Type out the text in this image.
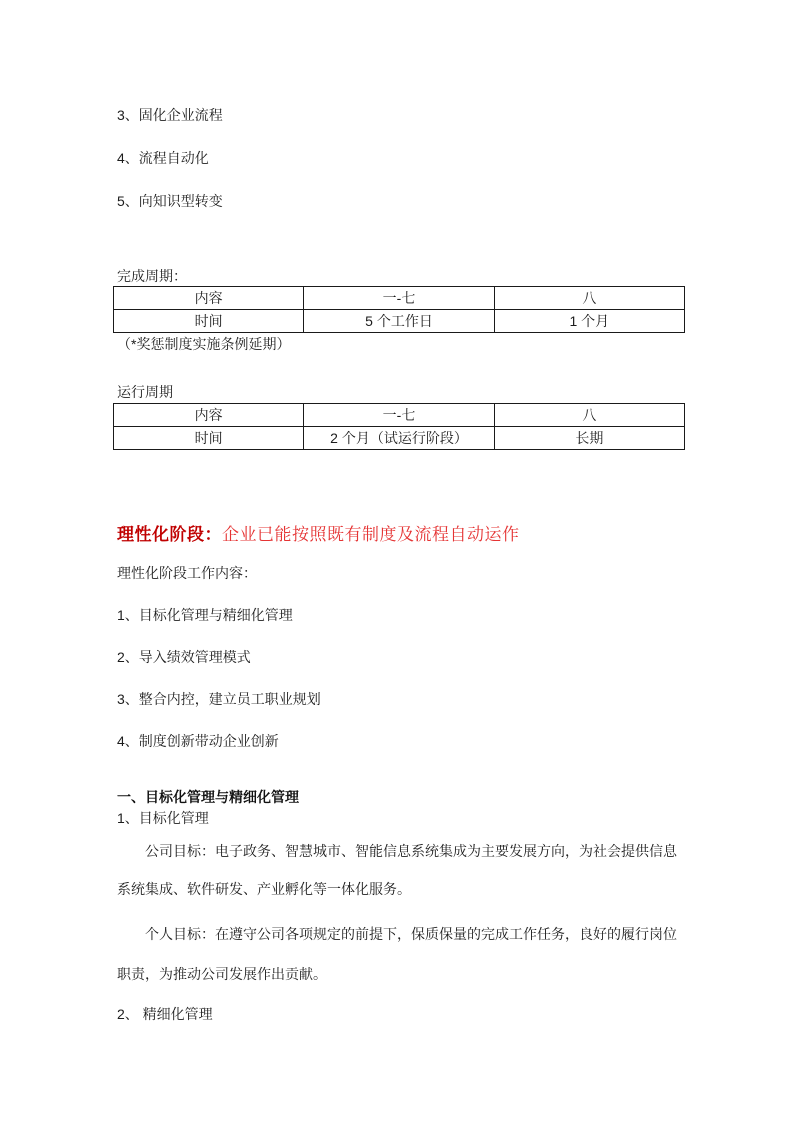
3、固化企业流程
4、流程自动化
5、向知识型转变
完成周期：
内容	一-七	八
时间	5 个工作日	1 个月
（*奖惩制度实施条例延期）
运行周期
内容	一-七	八
时间	2 个月（试运行阶段）	长期
理性化阶段：企业已能按照既有制度及流程自动运作
理性化阶段工作内容：
1、目标化管理与精细化管理
2、导入绩效管理模式
3、整合内控，建立员工职业规划
4、制度创新带动企业创新
一、目标化管理与精细化管理
1、目标化管理
公司目标：电子政务、智慧城市、智能信息系统集成为主要发展方向，为社会提供信息
系统集成、软件研发、产业孵化等一体化服务。
个人目标：在遵守公司各项规定的前提下，保质保量的完成工作任务，良好的履行岗位
职责，为推动公司发展作出贡献。
2、 精细化管理
